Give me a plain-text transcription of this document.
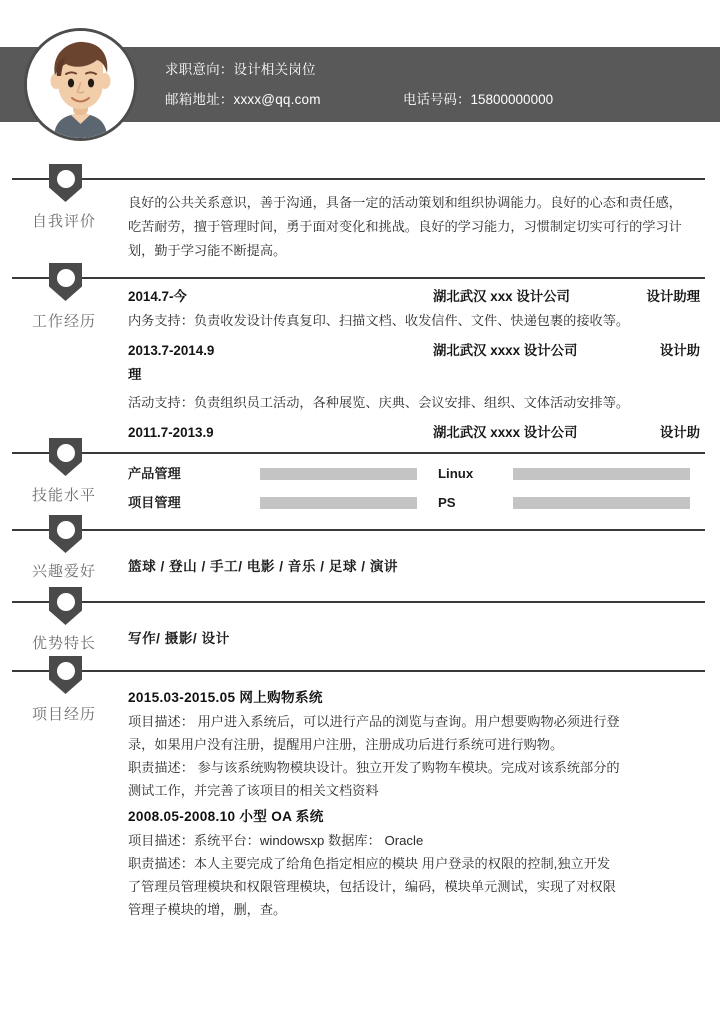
求职意向：设计相关岗位
邮箱地址：xxxx@qq.com	电话号码：15800000000
办 公 资 源
自我评价

良好的公共关系意识，善于沟通，具备一定的活动策划和组织协调能力。良好的心态和责任感，吃苦耐劳，擅于管理时间，勇于面对变化和挑战。良好的学习能力，习惯制定切实可行的学习计划，勤于学习能不断提高。

工作经历
2014.7-今	湖北武汉 xxx 设计公司	设计助理
内务支持：负责收发设计传真复印、扫描文档、收发信件、文件、快递包裹的接收等。
2013.7-2014.9	湖北武汉 xxxx 设计公司	设计助
理
活动支持：负责组织员工活动，各种展览、庆典、会议安排、组织、文体活动安排等。
2011.7-2013.9	湖北武汉 xxxx 设计公司	设计助
技能水平
产品管理	Linux
项目管理	PS
兴趣爱好	篮球 / 登山 / 手工/ 电影 / 音乐 / 足球 / 演讲
优势特长	写作/ 摄影/ 设计
项目经历
2015.03-2015.05 网上购物系统
项目描述： 用户进入系统后，可以进行产品的浏览与查询。用户想要购物必须进行登
录，如果用户没有注册，提醒用户注册，注册成功后进行系统可进行购物。
职责描述： 参与该系统购物模块设计。独立开发了购物车模块。完成对该系统部分的
测试工作，并完善了该项目的相关文档资料
2008.05-2008.10 小型 OA 系统
项目描述：系统平台：windowsxp 数据库： Oracle
职责描述：本人主要完成了给角色指定相应的模块 用户登录的权限的控制,独立开发
了管理员管理模块和权限管理模块，包括设计，编码，模块单元测试，实现了对权限
管理子模块的增，删，查。
